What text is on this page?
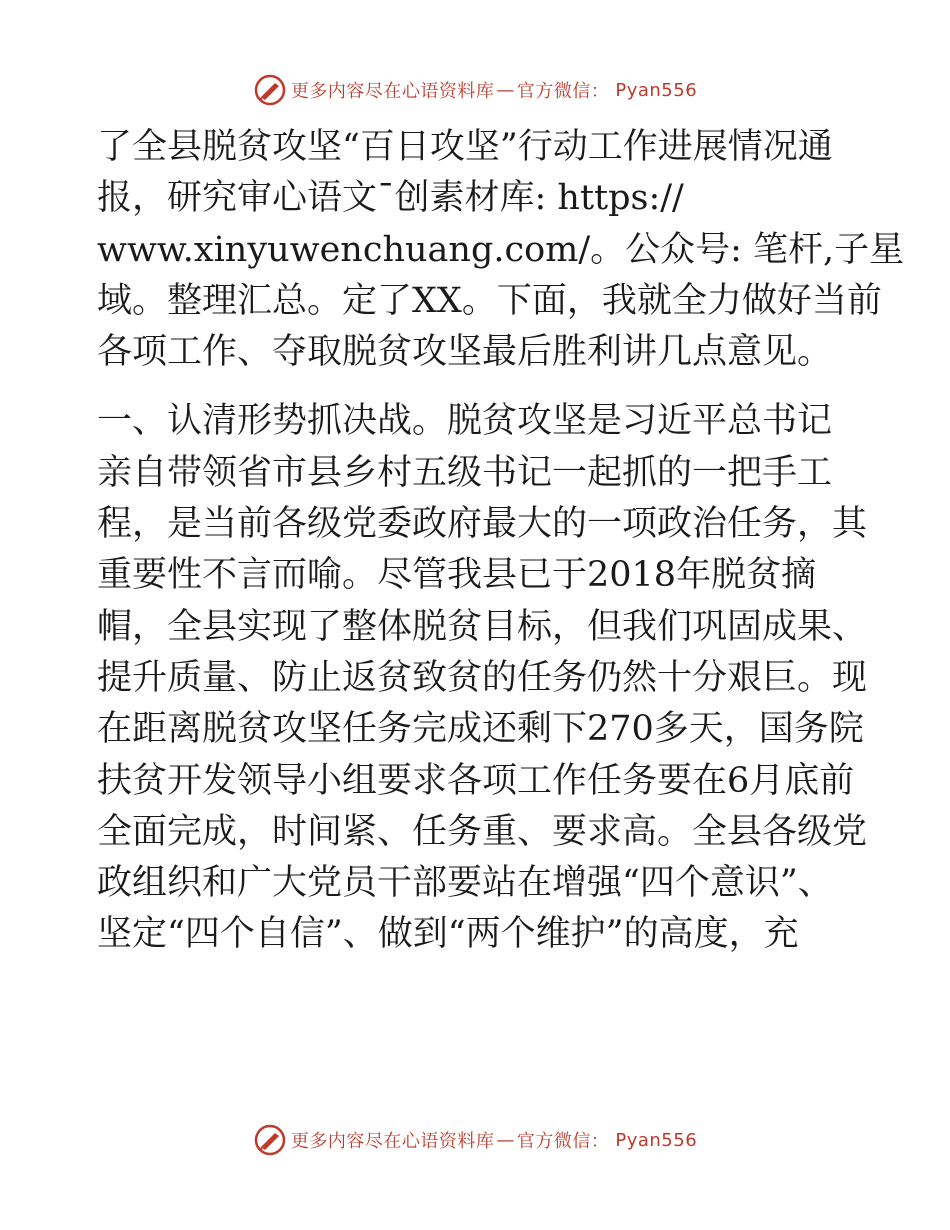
更多内容尽在心语资料库 — 官方微信： Pyan556
了全县脱贫攻坚“百日攻坚”行动工作进展情况通
报，研究审心语文¯创素材库: https://
www.xinyuwenchuang.com/。公众号: 笔杆,子星
域。整理汇总。定了XX。下面，我就全力做好当前
各项工作、夺取脱贫攻坚最后胜利讲几点意见。
一、认清形势抓决战。脱贫攻坚是习近平总书记
亲自带领省市县乡村五级书记一起抓的一把手工
程，是当前各级党委政府最大的一项政治任务，其
重要性不言而喻。尽管我县已于2018年脱贫摘
帽，全县实现了整体脱贫目标，但我们巩固成果、
提升质量、防止返贫致贫的任务仍然十分艰巨。现
在距离脱贫攻坚任务完成还剩下270多天，国务院
扶贫开发领导小组要求各项工作任务要在6月底前
全面完成，时间紧、任务重、要求高。全县各级党
政组织和广大党员干部要站在增强“四个意识”、
坚定“四个自信”、做到“两个维护”的高度，充
更多内容尽在心语资料库 — 官方微信： Pyan556
